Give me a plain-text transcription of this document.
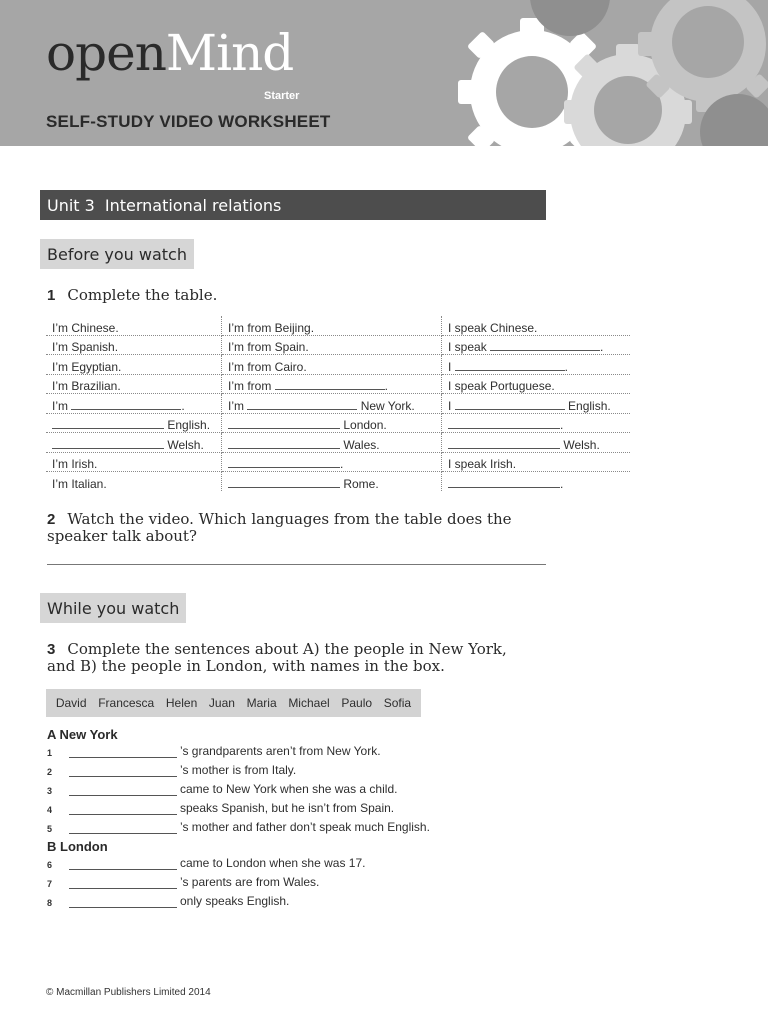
openMind
Starter
SELF-STUDY VIDEO WORKSHEET
Unit 3 International relations
Before you watch
1 Complete the table.
I’m Chinese.	I’m from Beijing.	I speak Chinese.
I’m Spanish.	I’m from Spain.	I speak .
I’m Egyptian.	I’m from Cairo.	I .
I’m Brazilian.	I’m from .	I speak Portuguese.
I’m .	I’m New York.	I English.
English.	London.	.
Welsh.	Wales.	Welsh.
I’m Irish.	.	I speak Irish.
I’m Italian.	Rome.	.
2 Watch the video. Which languages from the table does the speaker talk about?
While you watch
3 Complete the sentences about A) the people in New York, and B) the people in London, with names in the box.
David Francesca Helen Juan Maria Michael Paulo Sofia
A New York
1	’s grandparents aren’t from New York.
2	’s mother is from Italy.
3	came to New York when she was a child.
4	speaks Spanish, but he isn’t from Spain.
5	’s mother and father don’t speak much English.
B London
6	came to London when she was 17.
7	’s parents are from Wales.
8	only speaks English.
© Macmillan Publishers Limited 2014
